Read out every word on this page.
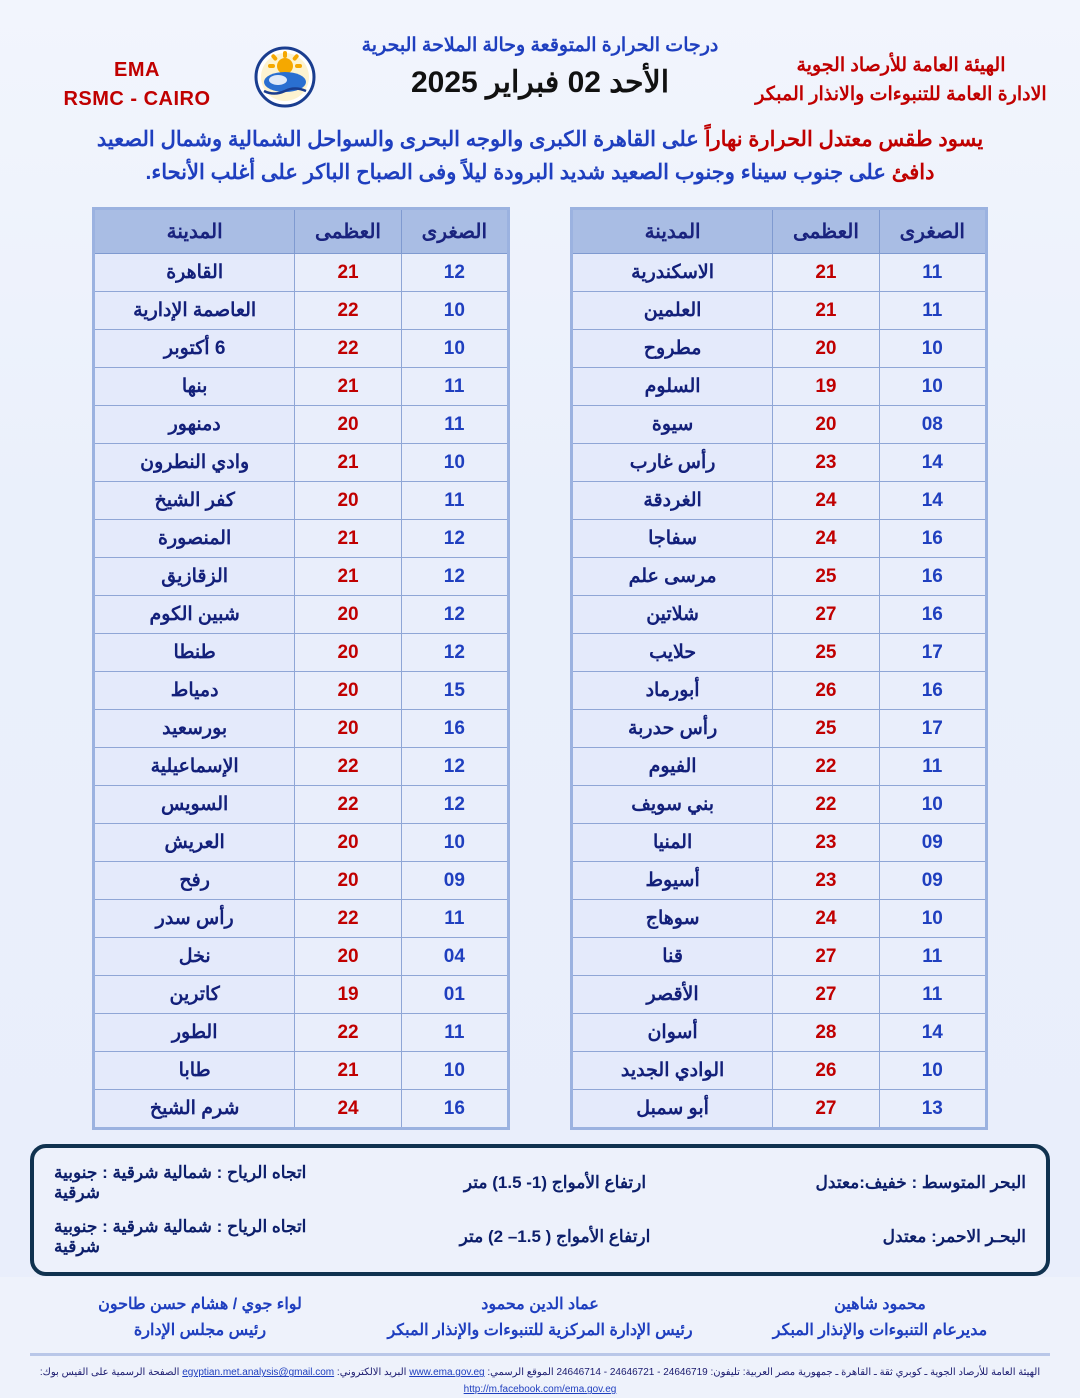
الهيئة العامة للأرصاد الجوية
الادارة العامة للتنبوءات والانذار المبكر
درجات الحرارة المتوقعة وحالة الملاحة البحرية
الأحد 02 فبراير 2025
EMA
RSMC - CAIRO
يسود طقس معتدل الحرارة نهاراً على القاهرة الكبرى والوجه البحرى والسواحل الشمالية وشمال الصعيد
دافئ على جنوب سيناء وجنوب الصعيد شديد البرودة ليلاً وفى الصباح الباكر على أغلب الأنحاء.
الصغرى	العظمى	المدينة
11	21	الاسكندرية
11	21	العلمين
10	20	مطروح
10	19	السلوم
08	20	سيوة
14	23	رأس غارب
14	24	الغردقة
16	24	سفاجا
16	25	مرسى علم
16	27	شلاتين
17	25	حلايب
16	26	أبورماد
17	25	رأس حدربة
11	22	الفيوم
10	22	بني سويف
09	23	المنيا
09	23	أسيوط
10	24	سوهاج
11	27	قنا
11	27	الأقصر
14	28	أسوان
10	26	الوادي الجديد
13	27	أبو سمبل
الصغرى	العظمى	المدينة
12	21	القاهرة
10	22	العاصمة الإدارية
10	22	6 أكتوبر
11	21	بنها
11	20	دمنهور
10	21	وادي النطرون
11	20	كفر الشيخ
12	21	المنصورة
12	21	الزقازيق
12	20	شبين الكوم
12	20	طنطا
15	20	دمياط
16	20	بورسعيد
12	22	الإسماعيلية
12	22	السويس
10	20	العريش
09	20	رفح
11	22	رأس سدر
04	20	نخل
01	19	كاترين
11	22	الطور
10	21	طابا
16	24	شرم الشيخ
البحر المتوسط : خفيف:معتدل
ارتفاع الأمواج (1- 1.5) متر
اتجاه الرياح : شمالية شرقية : جنوبية شرقية
البحـر الاحمر: معتدل
ارتفاع الأمواج ( 1.5– 2) متر
اتجاه الرياح : شمالية شرقية : جنوبية شرقية
محمود شاهين
مديرعام التنبوءات والإنذار المبكر
عماد الدين محمود
رئيس الإدارة المركزية للتنبوءات والإنذار المبكر
لواء جوي / هشام حسن طاحون
رئيس مجلس الإدارة
الهيئة العامة للأرصاد الجوية ـ كوبري ثقة ـ القاهرة ـ جمهورية مصر العربية: تليفون: 24646719 - 24646721 - 24646714 الموقع الرسمي: www.ema.gov.eg البريد الالكتروني: egyptian.met.analysis@gmail.com الصفحة الرسمية على الفيس بوك:
http://m.facebook.com/ema.gov.eg
